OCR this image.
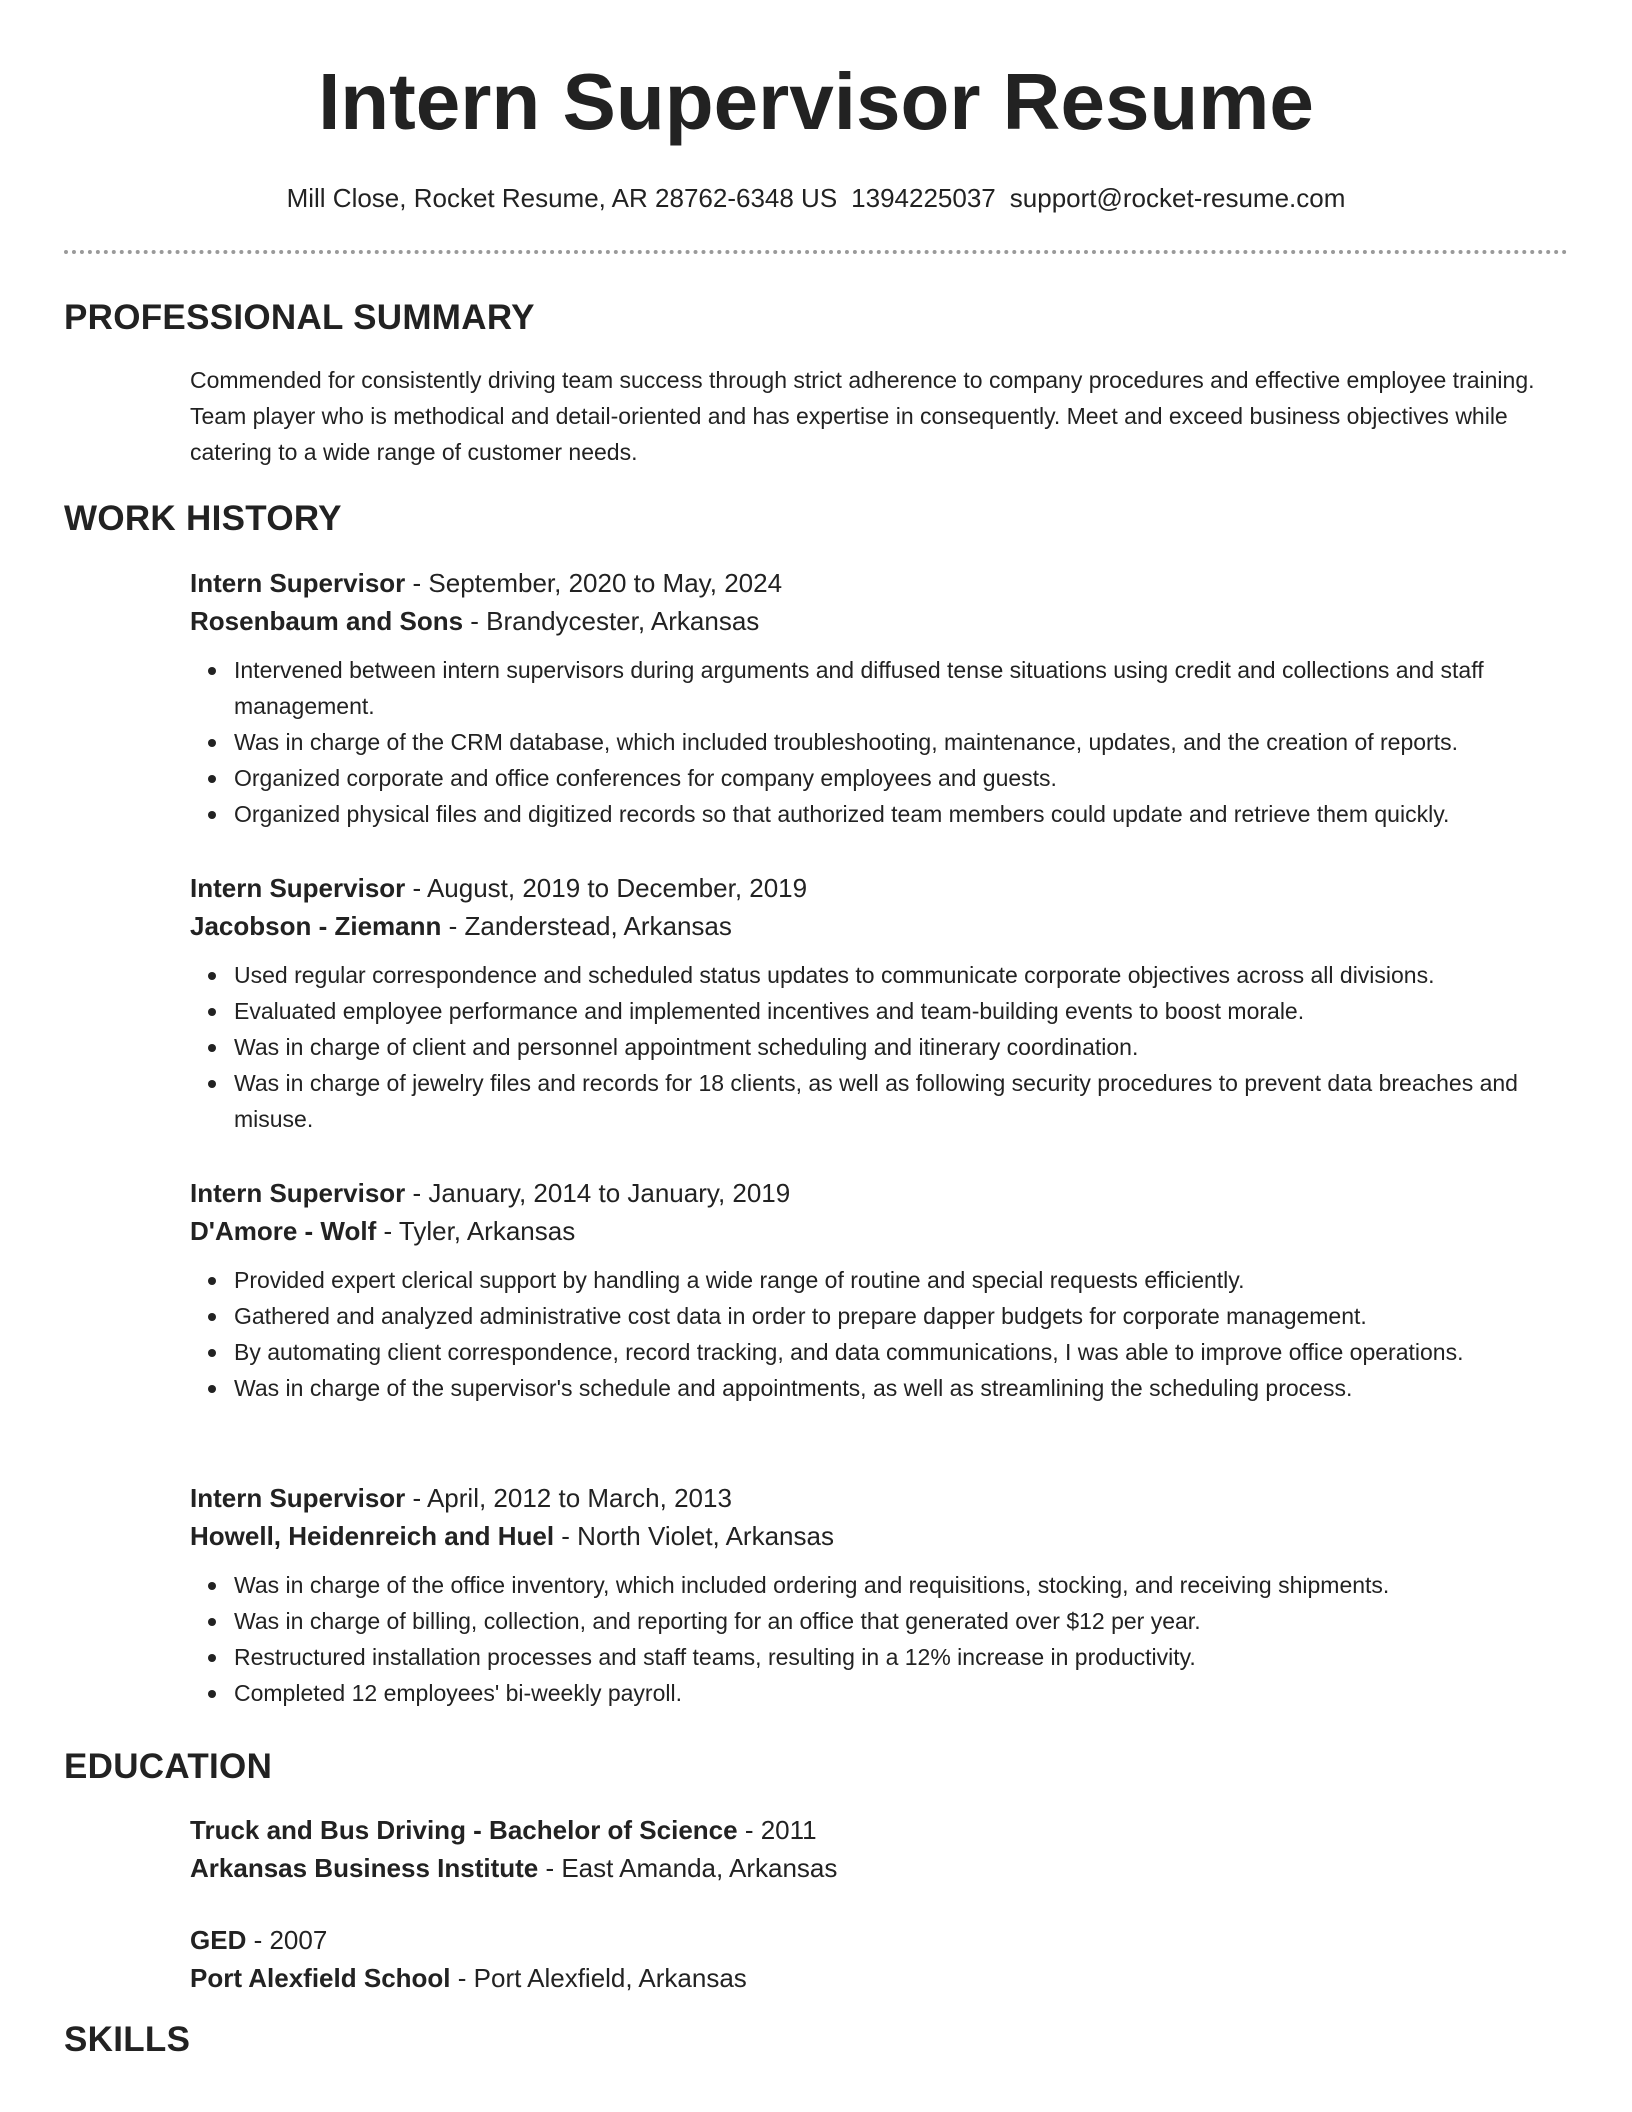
Intern Supervisor Resume
Mill Close, Rocket Resume, AR 28762-6348 US 1394225037 support@rocket-resume.com
PROFESSIONAL SUMMARY

Commended for consistently driving team success through strict adherence to company procedures and effective employee training. Team player who is methodical and detail-oriented and has expertise in consequently. Meet and exceed business objectives while catering to a wide range of customer needs.

WORK HISTORY

Intern Supervisor - September, 2020 to May, 2024

Rosenbaum and Sons - Brandycester, Arkansas

Intervened between intern supervisors during arguments and diffused tense situations using credit and collections and staff management.
Was in charge of the CRM database, which included troubleshooting, maintenance, updates, and the creation of reports.
Organized corporate and office conferences for company employees and guests.
Organized physical files and digitized records so that authorized team members could update and retrieve them quickly.

Intern Supervisor - August, 2019 to December, 2019

Jacobson - Ziemann - Zanderstead, Arkansas

Used regular correspondence and scheduled status updates to communicate corporate objectives across all divisions.
Evaluated employee performance and implemented incentives and team-building events to boost morale.
Was in charge of client and personnel appointment scheduling and itinerary coordination.
Was in charge of jewelry files and records for 18 clients, as well as following security procedures to prevent data breaches and misuse.

Intern Supervisor - January, 2014 to January, 2019

D'Amore - Wolf - Tyler, Arkansas

Provided expert clerical support by handling a wide range of routine and special requests efficiently.
Gathered and analyzed administrative cost data in order to prepare dapper budgets for corporate management.
By automating client correspondence, record tracking, and data communications, I was able to improve office operations.
Was in charge of the supervisor's schedule and appointments, as well as streamlining the scheduling process.

Intern Supervisor - April, 2012 to March, 2013

Howell, Heidenreich and Huel - North Violet, Arkansas

Was in charge of the office inventory, which included ordering and requisitions, stocking, and receiving shipments.
Was in charge of billing, collection, and reporting for an office that generated over $12 per year.
Restructured installation processes and staff teams, resulting in a 12% increase in productivity.
Completed 12 employees' bi-weekly payroll.
EDUCATION

Truck and Bus Driving - Bachelor of Science - 2011

Arkansas Business Institute - East Amanda, Arkansas

GED - 2007

Port Alexfield School - Port Alexfield, Arkansas

SKILLS
